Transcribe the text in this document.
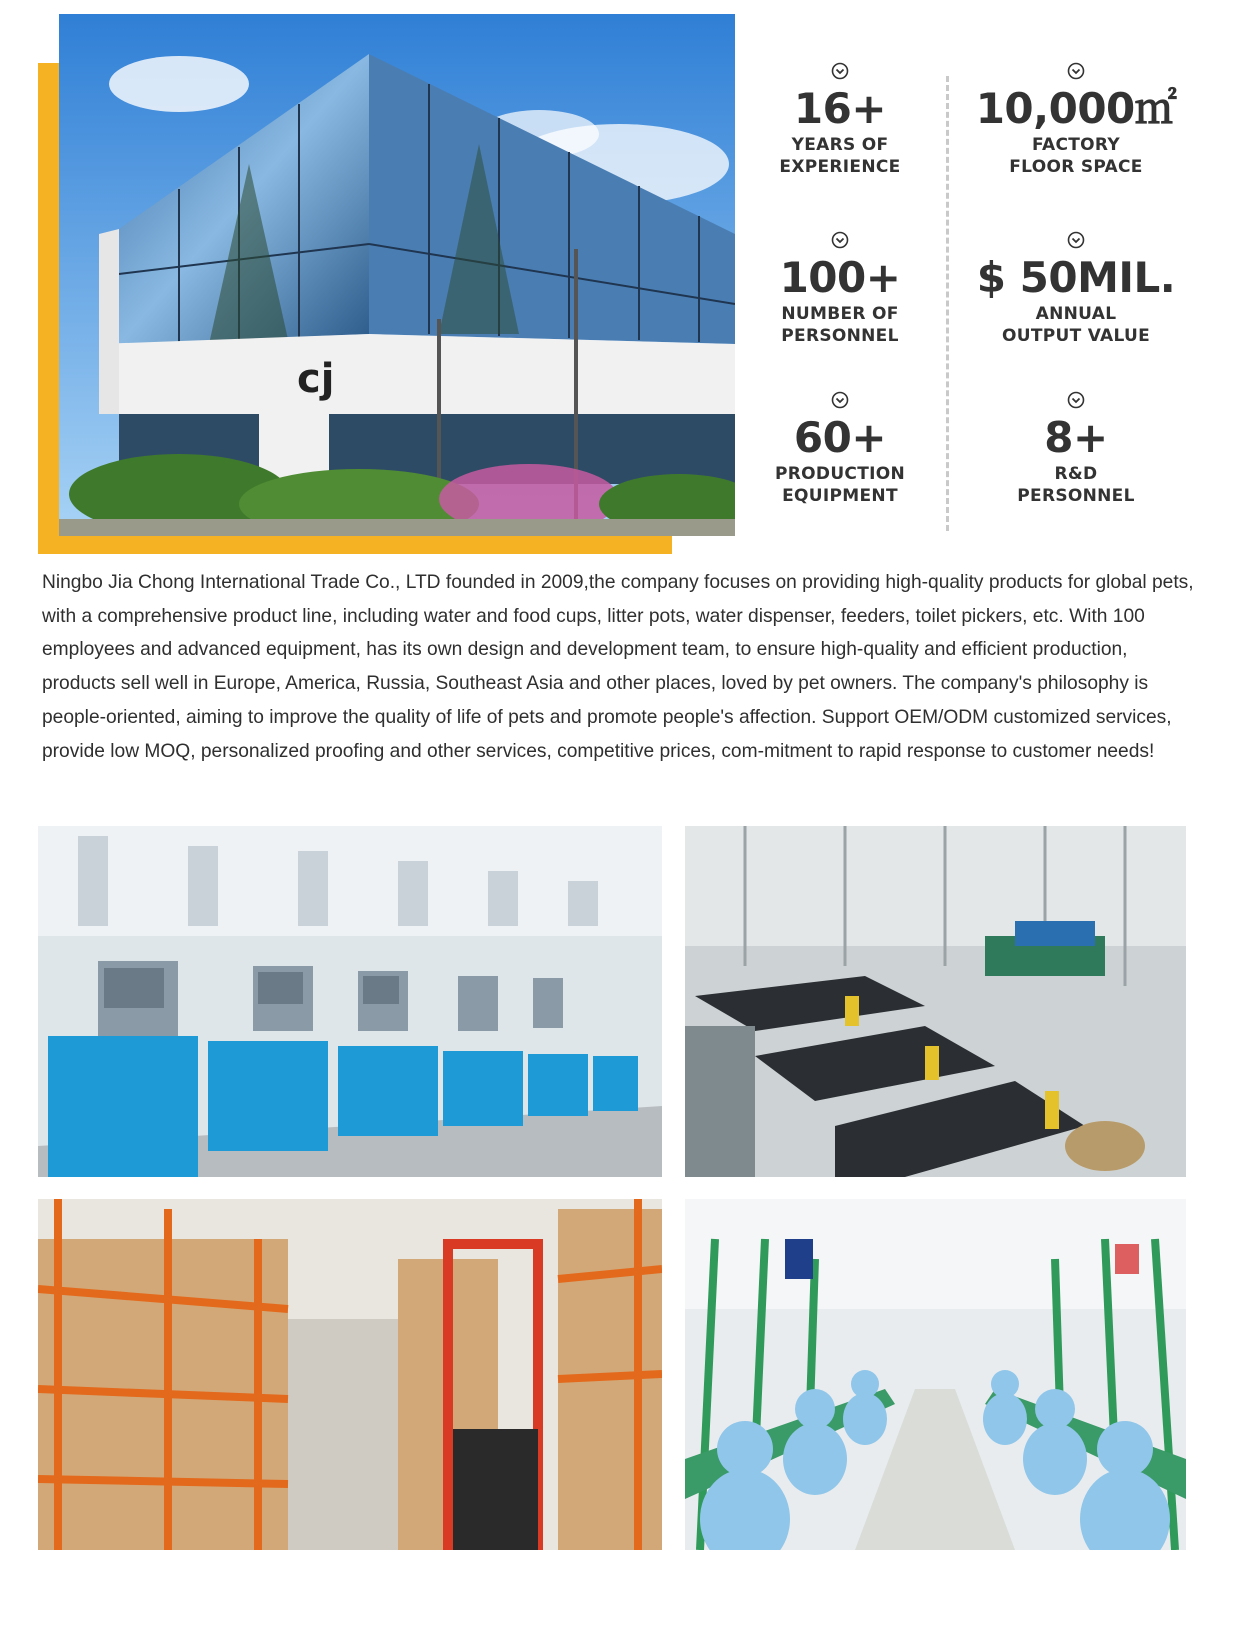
cj
16+
YEARS OF
EXPERIENCE
10,000㎡
FACTORY
FLOOR SPACE
100+
NUMBER OF
PERSONNEL
$ 50MIL.
ANNUAL
OUTPUT VALUE
60+
PRODUCTION
EQUIPMENT
8+
R&D
PERSONNEL

Ningbo Jia Chong International Trade Co., LTD founded in 2009,the company focuses on providing high-quality products for global pets, with a comprehensive product line, including water and food cups, litter pots, water dispenser, feeders, toilet pickers, etc. With 100 employees and advanced equipment, has its own design and development team, to ensure high-quality and efficient production, products sell well in Europe, America, Russia, Southeast Asia and other places, loved by pet owners. The company's philosophy is people-oriented, aiming to improve the quality of life of pets and promote people's affection. Support OEM/ODM customized services, provide low MOQ, personalized proofing and other services, competitive prices, com-mitment to rapid response to customer needs!
